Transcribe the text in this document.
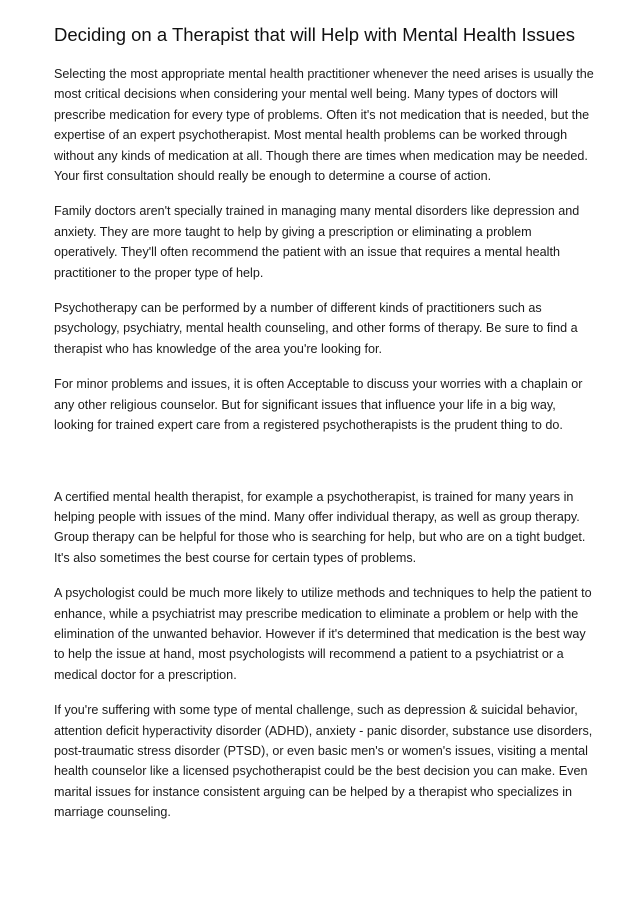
Deciding on a Therapist that will Help with Mental Health Issues

Selecting the most appropriate mental health practitioner whenever the need arises is usually the most critical decisions when considering your mental well being. Many types of doctors will prescribe medication for every type of problems. Often it's not medication that is needed, but the expertise of an expert psychotherapist. Most mental health problems can be worked through without any kinds of medication at all. Though there are times when medication may be needed. Your first consultation should really be enough to determine a course of action.

Family doctors aren't specially trained in managing many mental disorders like depression and anxiety. They are more taught to help by giving a prescription or eliminating a problem operatively. They'll often recommend the patient with an issue that requires a mental health practitioner to the proper type of help.

Psychotherapy can be performed by a number of different kinds of practitioners such as psychology, psychiatry, mental health counseling, and other forms of therapy. Be sure to find a therapist who has knowledge of the area you're looking for.

For minor problems and issues, it is often Acceptable to discuss your worries with a chaplain or any other religious counselor. But for significant issues that influence your life in a big way, looking for trained expert care from a registered psychotherapists is the prudent thing to do.

A certified mental health therapist, for example a psychotherapist, is trained for many years in helping people with issues of the mind. Many offer individual therapy, as well as group therapy. Group therapy can be helpful for those who is searching for help, but who are on a tight budget. It's also sometimes the best course for certain types of problems.

A psychologist could be much more likely to utilize methods and techniques to help the patient to enhance, while a psychiatrist may prescribe medication to eliminate a problem or help with the elimination of the unwanted behavior. However if it's determined that medication is the best way to help the issue at hand, most psychologists will recommend a patient to a psychiatrist or a medical doctor for a prescription.

If you're suffering with some type of mental challenge, such as depression & suicidal behavior, attention deficit hyperactivity disorder (ADHD), anxiety - panic disorder, substance use disorders, post-traumatic stress disorder (PTSD), or even basic men's or women's issues, visiting a mental health counselor like a licensed psychotherapist could be the best decision you can make. Even marital issues for instance consistent arguing can be helped by a therapist who specializes in marriage counseling.
